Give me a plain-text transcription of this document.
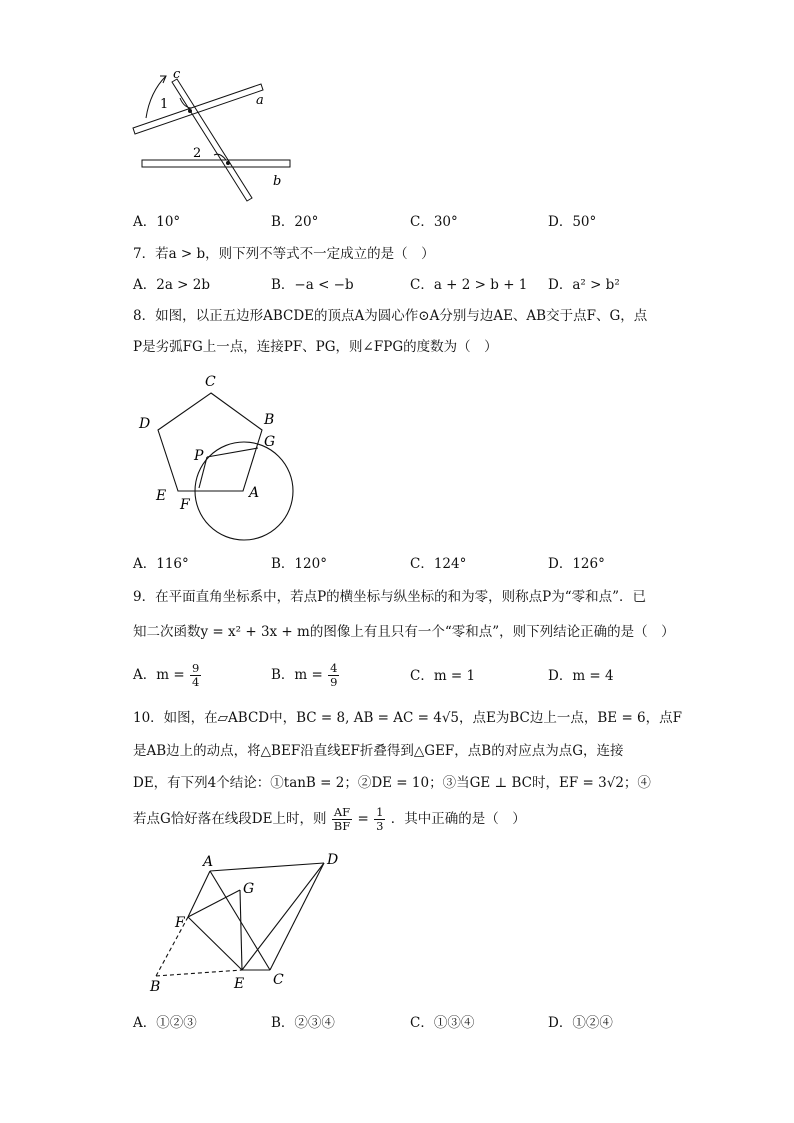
c
a
b
1
2
A．10°	B．20°	C．30°	D．50°
7．若a > b，则下列不等式不一定成立的是（　）
A．2a > 2b	B．−a < −b	C．a + 2 > b + 1 D．a² > b²
8．如图，以正五边形ABCDE的顶点A为圆心作⊙A分别与边AE、AB交于点F、G，点
P是劣弧FG上一点，连接PF、PG，则∠FPG的度数为（　）
C
D	B
G
P
E
F
A
A．116°	B．120°	C．124°	D．126°
9．在平面直角坐标系中，若点P的横坐标与纵坐标的和为零，则称点P为“零和点”．已
知二次函数y = x² + 3x + m的图像上有且只有一个“零和点”，则下列结论正确的是（　）
A．$m = \frac{9}{4}$	B．$m = \frac{4}{9}$	C．m = 1	D．m = 4
10．如图，在▱ABCD中，BC = 8, AB = AC = 4√5，点E为BC边上一点，BE = 6，点F
是AB边上的动点，将△BEF沿直线EF折叠得到△GEF，点B的对应点为点G，连接
DE，有下列4个结论：①tanB = 2；②DE = 10；③当GE ⊥ BC时，EF = 3√2；④
若点G恰好落在线段DE上时，则 $\frac{AF}{BF} = \frac{1}{3}$ ．其中正确的是（　）
A	D
G
F
B	E C
A．①②③	B．②③④	C．①③④	D．①②④
